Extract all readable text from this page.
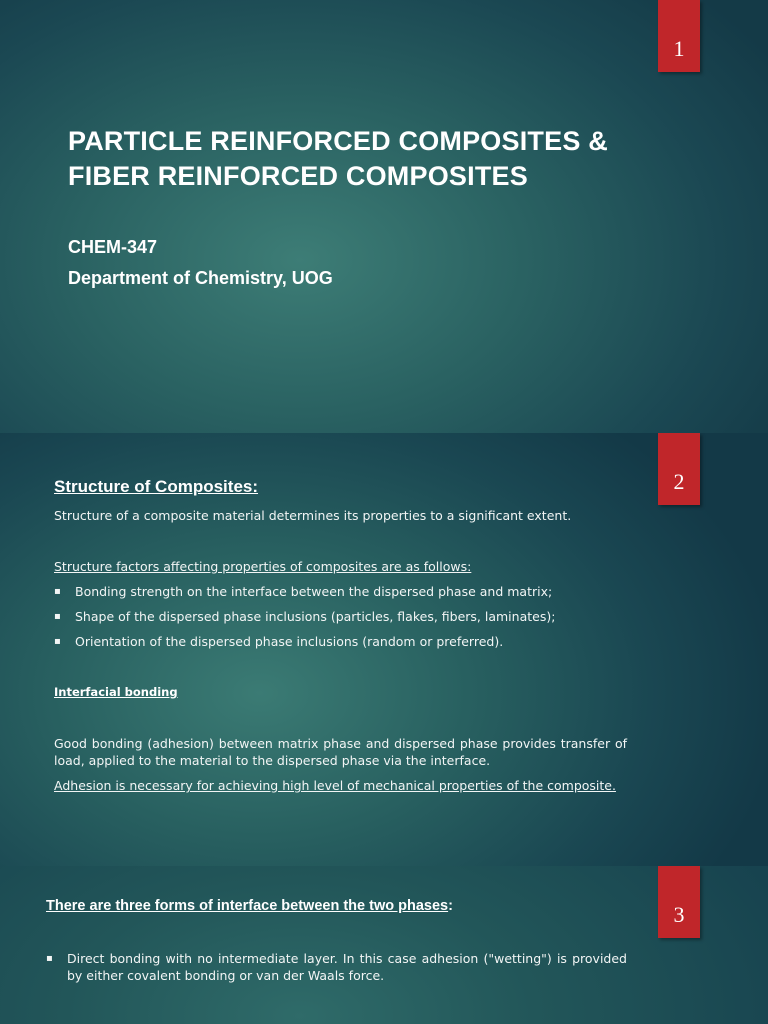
1
PARTICLE REINFORCED COMPOSITES &
FIBER REINFORCED COMPOSITES
CHEM-347
Department of Chemistry, UOG
2
Structure of Composites:
Structure of a composite material determines its properties to a significant extent.
Structure factors affecting properties of composites are as follows:
▪ Bonding strength on the interface between the dispersed phase and matrix;
▪ Shape of the dispersed phase inclusions (particles, flakes, fibers, laminates);
▪ Orientation of the dispersed phase inclusions (random or preferred).
Interfacial bonding
Good bonding (adhesion) between matrix phase and dispersed phase provides transfer of load, applied to the material to the dispersed phase via the interface.
Adhesion is necessary for achieving high level of mechanical properties of the composite.
3
There are three forms of interface between the two phases:
▪ Direct bonding with no intermediate layer. In this case adhesion ("wetting") is provided by either covalent bonding or van der Waals force.
